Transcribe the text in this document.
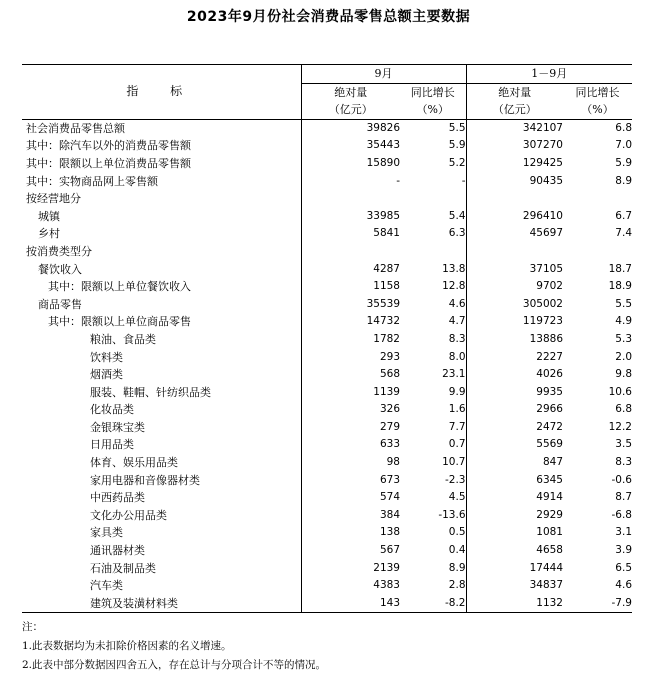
2023年9月份社会消费品零售总额主要数据
指 标	9月		1－9月	
	绝对量
（亿元）	同比增长
（%）	绝对量
（亿元）	同比增长
（%）
社会消费品零售总额	39826	5.5	342107	6.8
其中：除汽车以外的消费品零售额	35443	5.9	307270	7.0
其中：限额以上单位消费品零售额	15890	5.2	129425	5.9
其中：实物商品网上零售额	-	-	90435	8.9
按经营地分				
城镇	33985	5.4	296410	6.7
乡村	5841	6.3	45697	7.4
按消费类型分				
餐饮收入	4287	13.8	37105	18.7
其中：限额以上单位餐饮收入	1158	12.8	9702	18.9
商品零售	35539	4.6	305002	5.5
其中：限额以上单位商品零售	14732	4.7	119723	4.9
粮油、食品类	1782	8.3	13886	5.3
饮料类	293	8.0	2227	2.0
烟酒类	568	23.1	4026	9.8
服装、鞋帽、针纺织品类	1139	9.9	9935	10.6
化妆品类	326	1.6	2966	6.8
金银珠宝类	279	7.7	2472	12.2
日用品类	633	0.7	5569	3.5
体育、娱乐用品类	98	10.7	847	8.3
家用电器和音像器材类	673	-2.3	6345	-0.6
中西药品类	574	4.5	4914	8.7
文化办公用品类	384	-13.6	2929	-6.8
家具类	138	0.5	1081	3.1
通讯器材类	567	0.4	4658	3.9
石油及制品类	2139	8.9	17444	6.5
汽车类	4383	2.8	34837	4.6
建筑及装潢材料类	143	-8.2	1132	-7.9
注：
1.此表数据均为未扣除价格因素的名义增速。
2.此表中部分数据因四舍五入，存在总计与分项合计不等的情况。
